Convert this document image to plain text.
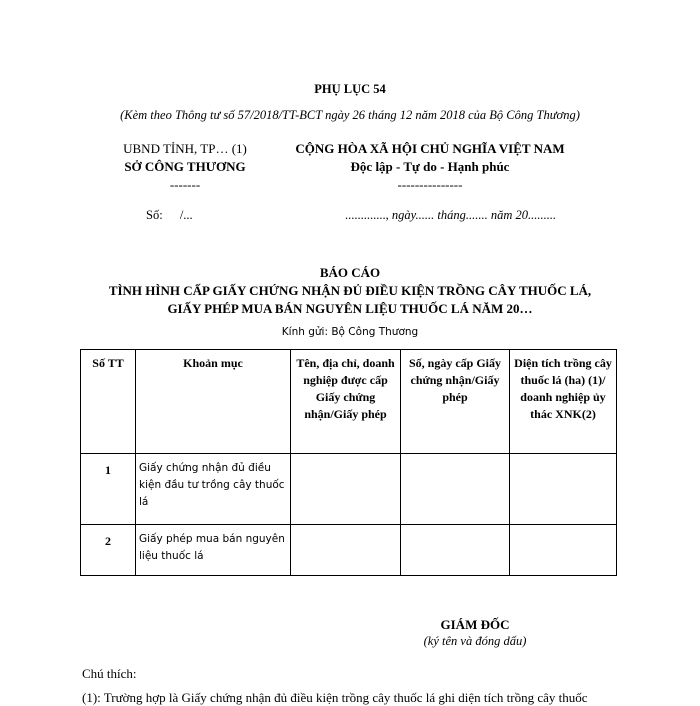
PHỤ LỤC 54
(Kèm theo Thông tư số 57/2018/TT-BCT ngày 26 tháng 12 năm 2018 của Bộ Công Thương)
UBND TỈNH, TP… (1)
SỞ CÔNG THƯƠNG
-------
CỘNG HÒA XÃ HỘI CHỦ NGHĨA VIỆT NAM
Độc lập - Tự do - Hạnh phúc
---------------
Số: /...	............., ngày...... tháng....... năm 20.........
BÁO CÁO
TÌNH HÌNH CẤP GIẤY CHỨNG NHẬN ĐỦ ĐIỀU KIỆN TRỒNG CÂY THUỐC LÁ,
GIẤY PHÉP MUA BÁN NGUYÊN LIỆU THUỐC LÁ NĂM 20…
Kính gửi: Bộ Công Thương
Số TT	Khoản mục	Tên, địa chỉ, doanh nghiệp được cấp Giấy chứng nhận/Giấy phép	Số, ngày cấp Giấy chứng nhận/Giấy phép	Diện tích trồng cây thuốc lá (ha) (1)/ doanh nghiệp ủy thác XNK(2)
1	Giấy chứng nhận đủ điều kiện đầu tư trồng cây thuốc lá			
2	Giấy phép mua bán nguyên liệu thuốc lá			
GIÁM ĐỐC
(ký tên và đóng dấu)
Chú thích:
(1): Trường hợp là Giấy chứng nhận đủ điều kiện trồng cây thuốc lá ghi diện tích trồng cây thuốc
